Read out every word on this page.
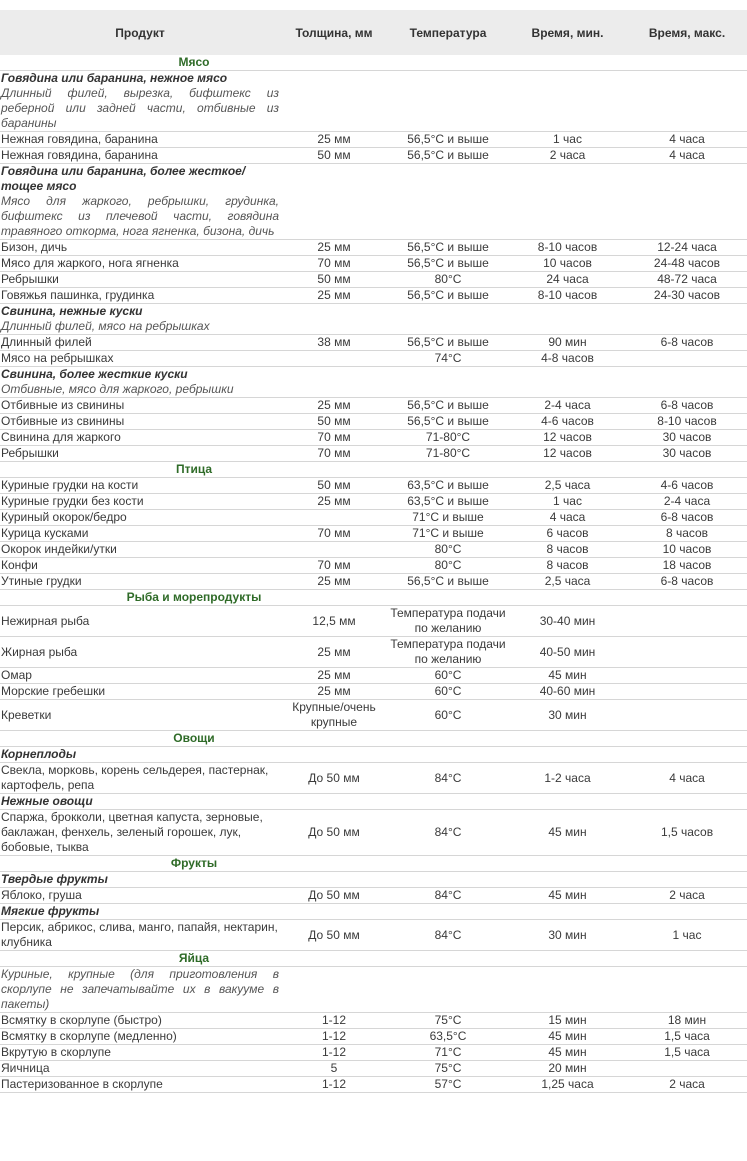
Продукт	Толщина, мм	Температура	Время, мин.	Время, макс.
Мясо				
Говядина или баранина, нежное мясо
Длинный филей, вырезка, бифштекс из реберной или задней части, отбивные из баранины				

Нежная говядина, баранина	25 мм	56,5°C и выше	1 час	4 часа
Нежная говядина, баранина	50 мм	56,5°C и выше	2 часа	4 часа
Говядина или баранина, более жесткое/тощее мясо
Мясо для жаркого, ребрышки, грудинка, бифштекс из плечевой части, говядина травяного откорма, нога ягненка, бизона, дичь				

Бизон, дичь	25 мм	56,5°C и выше	8-10 часов	12-24 часа
Мясо для жаркого, нога ягненка	70 мм	56,5°C и выше	10 часов	24-48 часов
Ребрышки	50 мм	80°C	24 часа	48-72 часа
Говяжья пашинка, грудинка	25 мм	56,5°C и выше	8-10 часов	24-30 часов
Свинина, нежные куски
Длинный филей, мясо на ребрышках				

Длинный филей	38 мм	56,5°C и выше	90 мин	6-8 часов
Мясо на ребрышках		74°C	4-8 часов	
Свинина, более жесткие куски
Отбивные, мясо для жаркого, ребрышки				

Отбивные из свинины	25 мм	56,5°C и выше	2-4 часа	6-8 часов
Отбивные из свинины	50 мм	56,5°C и выше	4-6 часов	8-10 часов
Свинина для жаркого	70 мм	71-80°C	12 часов	30 часов
Ребрышки	70 мм	71-80°C	12 часов	30 часов
Птица				
Куриные грудки на кости	50 мм	63,5°C и выше	2,5 часа	4-6 часов
Куриные грудки без кости	25 мм	63,5°C и выше	1 час	2-4 часа
Куриный окорок/бедро		71°C и выше	4 часа	6-8 часов
Курица кусками	70 мм	71°C и выше	6 часов	8 часов
Окорок индейки/утки		80°C	8 часов	10 часов
Конфи	70 мм	80°C	8 часов	18 часов
Утиные грудки	25 мм	56,5°C и выше	2,5 часа	6-8 часов
Рыба и морепродукты				
Нежирная рыба	12,5 мм	Температура подачи по желанию	30-40 мин	
Жирная рыба	25 мм	Температура подачи по желанию	40-50 мин	
Омар	25 мм	60°C	45 мин	
Морские гребешки	25 мм	60°C	40-60 мин	
Креветки	Крупные/очень крупные	60°C	30 мин	
Овощи				
Корнеплоды				
Свекла, морковь, корень сельдерея, пастернак, картофель, репа	До 50 мм	84°C	1-2 часа	4 часа
Нежные овощи				
Спаржа, брокколи, цветная капуста, зерновые, баклажан, фенхель, зеленый горошек, лук, бобовые, тыква	До 50 мм	84°C	45 мин	1,5 часов
Фрукты				
Твердые фрукты				
Яблоко, груша	До 50 мм	84°C	45 мин	2 часа
Мягкие фрукты				
Персик, абрикос, слива, манго, папайя, нектарин, клубника	До 50 мм	84°C	30 мин	1 час
Яйца				

Куриные, крупные (для приготовления в скорлупе не запечатывайте их в вакууме в пакеты)				

Всмятку в скорлупе (быстро)	1-12	75°C	15 мин	18 мин
Всмятку в скорлупе (медленно)	1-12	63,5°C	45 мин	1,5 часа
Вкрутую в скорлупе	1-12	71°C	45 мин	1,5 часа
Яичница	5	75°C	20 мин	
Пастеризованное в скорлупе	1-12	57°C	1,25 часа	2 часа
